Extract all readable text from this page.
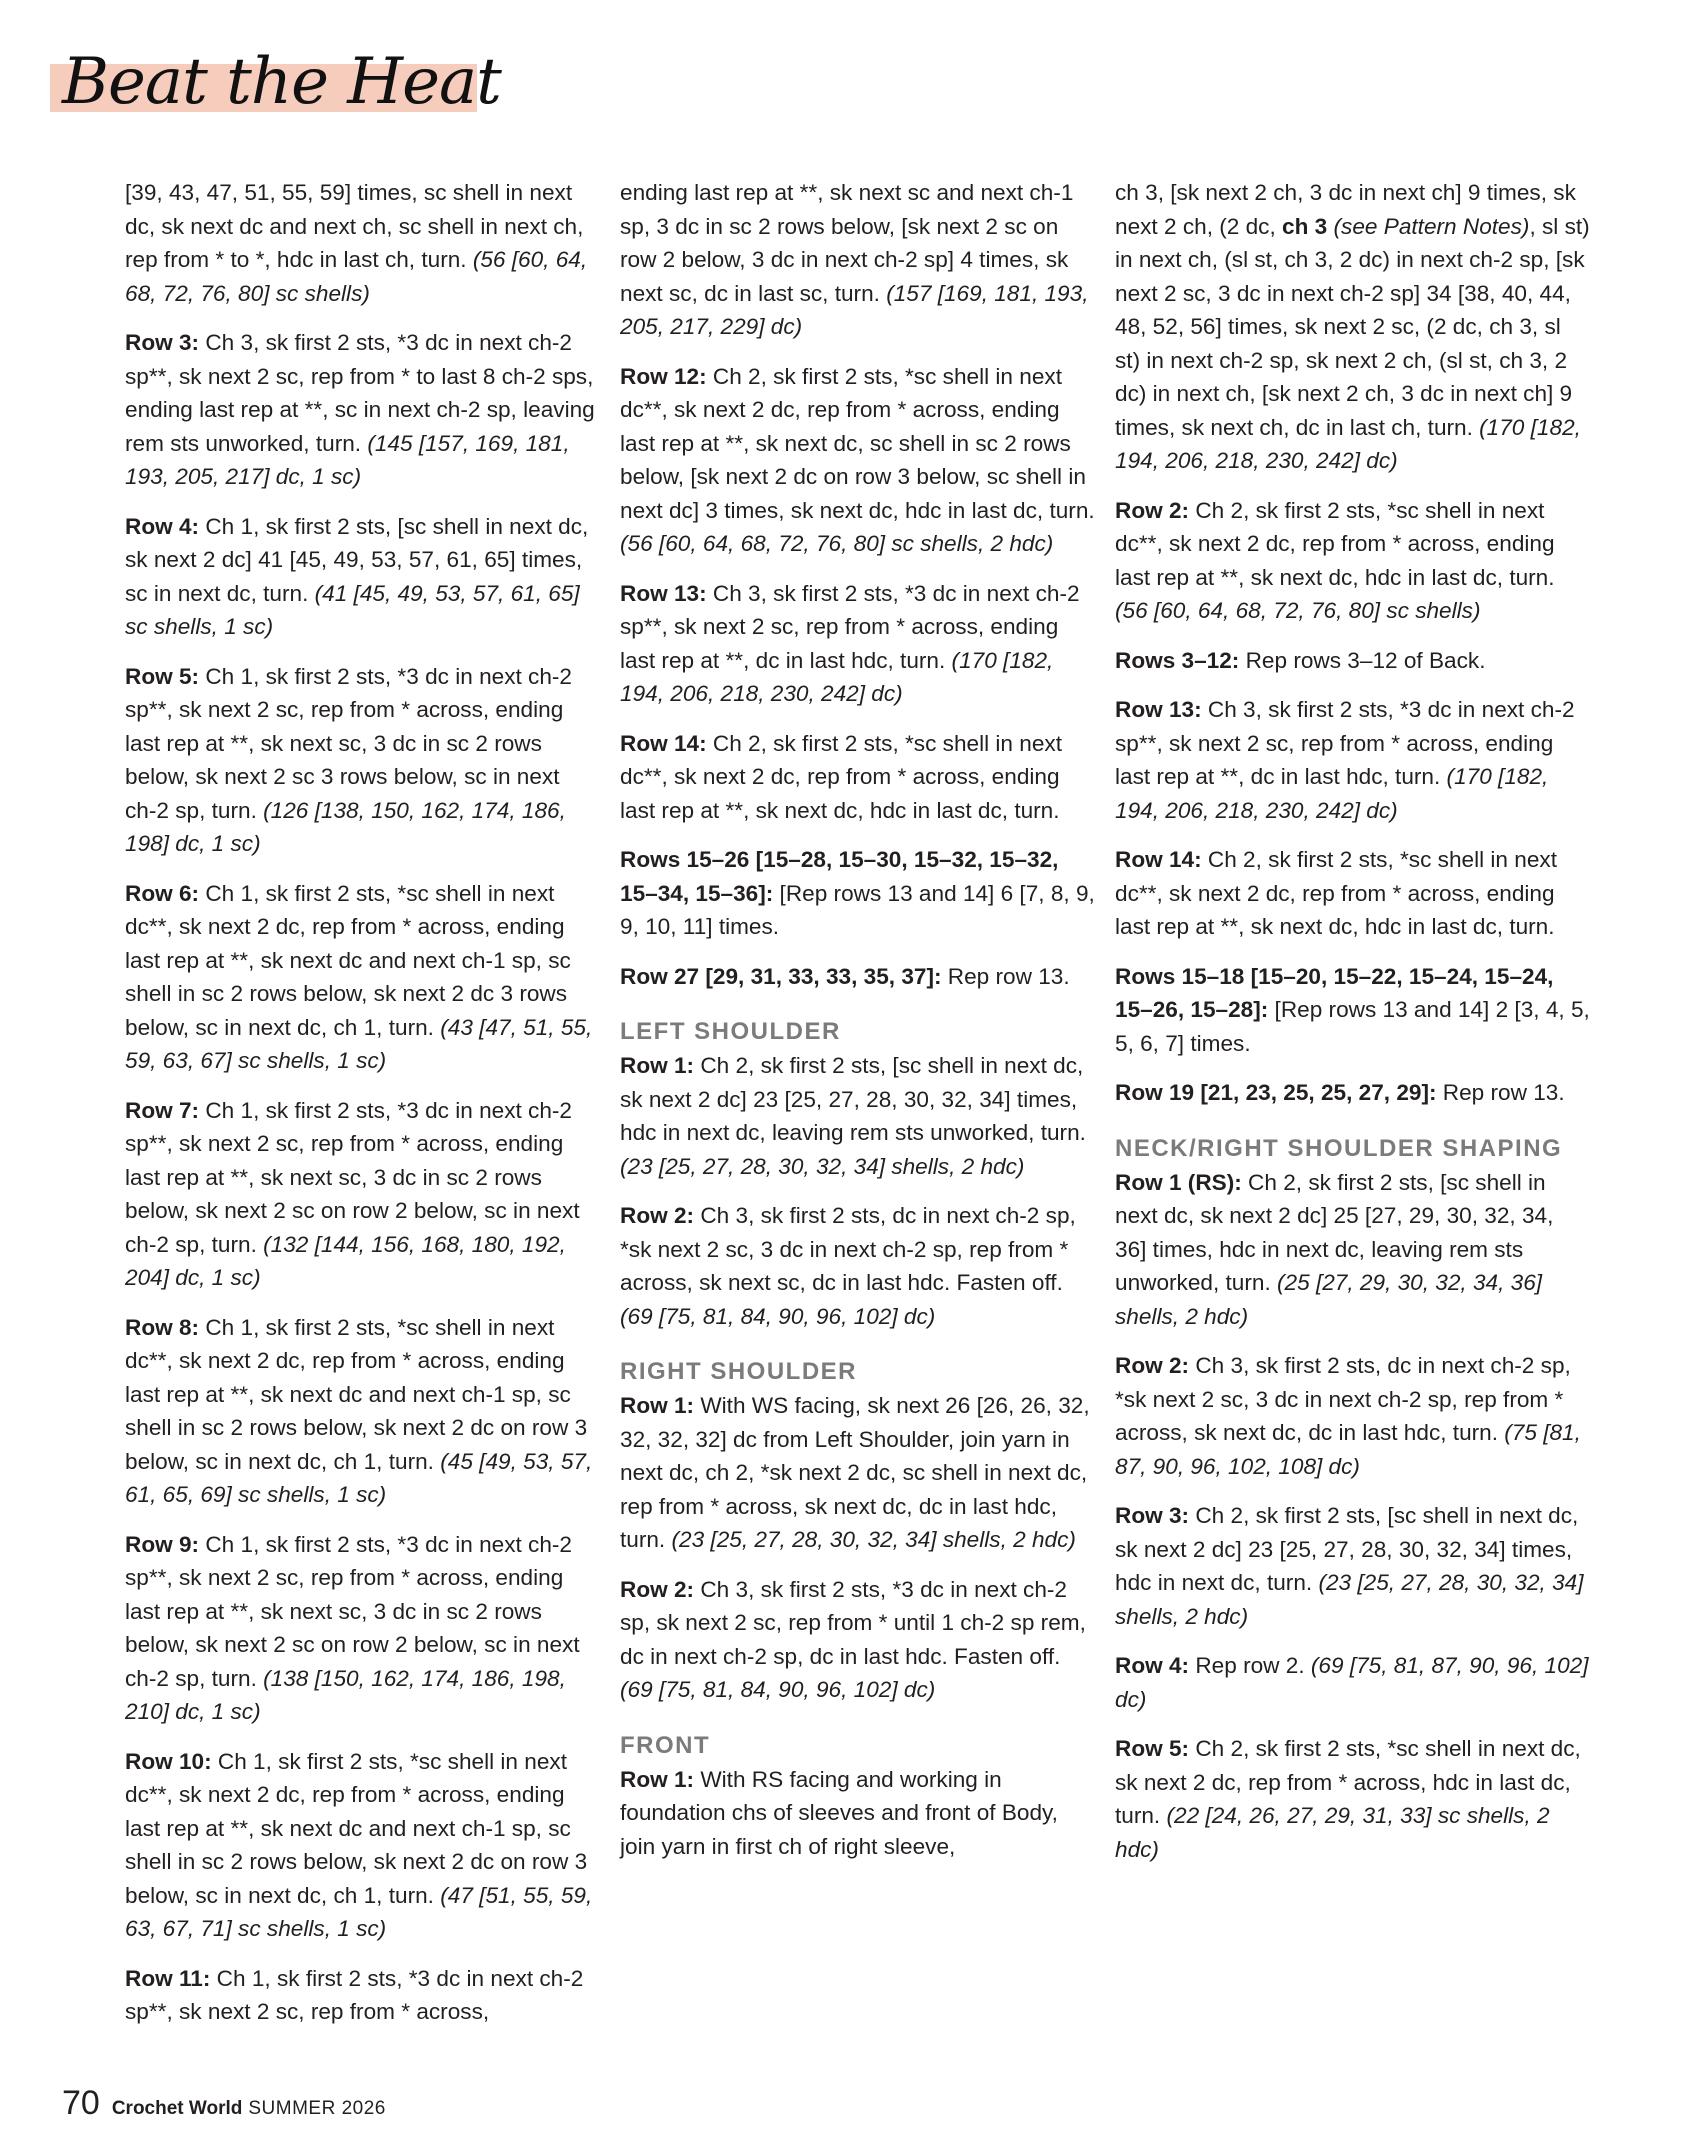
Beat the Heat

[39, 43, 47, 51, 55, 59] times, sc shell in next dc, sk next dc and next ch, sc shell in next ch, rep from * to *, hdc in last ch, turn. (56 [60, 64, 68, 72, 76, 80] sc shells)

Row 3: Ch 3, sk first 2 sts, *3 dc in next ch-2 sp**, sk next 2 sc, rep from * to last 8 ch-2 sps, ending last rep at **, sc in next ch-2 sp, leaving rem sts unworked, turn. (145 [157, 169, 181, 193, 205, 217] dc, 1 sc)

Row 4: Ch 1, sk first 2 sts, [sc shell in next dc, sk next 2 dc] 41 [45, 49, 53, 57, 61, 65] times, sc in next dc, turn. (41 [45, 49, 53, 57, 61, 65] sc shells, 1 sc)

Row 5: Ch 1, sk first 2 sts, *3 dc in next ch-2 sp**, sk next 2 sc, rep from * across, ending last rep at **, sk next sc, 3 dc in sc 2 rows below, sk next 2 sc 3 rows below, sc in next ch-2 sp, turn. (126 [138, 150, 162, 174, 186, 198] dc, 1 sc)

Row 6: Ch 1, sk first 2 sts, *sc shell in next dc**, sk next 2 dc, rep from * across, ending last rep at **, sk next dc and next ch-1 sp, sc shell in sc 2 rows below, sk next 2 dc 3 rows below, sc in next dc, ch 1, turn. (43 [47, 51, 55, 59, 63, 67] sc shells, 1 sc)

Row 7: Ch 1, sk first 2 sts, *3 dc in next ch-2 sp**, sk next 2 sc, rep from * across, ending last rep at **, sk next sc, 3 dc in sc 2 rows below, sk next 2 sc on row 2 below, sc in next ch-2 sp, turn. (132 [144, 156, 168, 180, 192, 204] dc, 1 sc)

Row 8: Ch 1, sk first 2 sts, *sc shell in next dc**, sk next 2 dc, rep from * across, ending last rep at **, sk next dc and next ch-1 sp, sc shell in sc 2 rows below, sk next 2 dc on row 3 below, sc in next dc, ch 1, turn. (45 [49, 53, 57, 61, 65, 69] sc shells, 1 sc)

Row 9: Ch 1, sk first 2 sts, *3 dc in next ch-2 sp**, sk next 2 sc, rep from * across, ending last rep at **, sk next sc, 3 dc in sc 2 rows below, sk next 2 sc on row 2 below, sc in next ch-2 sp, turn. (138 [150, 162, 174, 186, 198, 210] dc, 1 sc)

Row 10: Ch 1, sk first 2 sts, *sc shell in next dc**, sk next 2 dc, rep from * across, ending last rep at **, sk next dc and next ch-1 sp, sc shell in sc 2 rows below, sk next 2 dc on row 3 below, sc in next dc, ch 1, turn. (47 [51, 55, 59, 63, 67, 71] sc shells, 1 sc)

Row 11: Ch 1, sk first 2 sts, *3 dc in next ch-2 sp**, sk next 2 sc, rep from * across,

ending last rep at **, sk next sc and next ch-1 sp, 3 dc in sc 2 rows below, [sk next 2 sc on row 2 below, 3 dc in next ch-2 sp] 4 times, sk next sc, dc in last sc, turn. (157 [169, 181, 193, 205, 217, 229] dc)

Row 12: Ch 2, sk first 2 sts, *sc shell in next dc**, sk next 2 dc, rep from * across, ending last rep at **, sk next dc, sc shell in sc 2 rows below, [sk next 2 dc on row 3 below, sc shell in next dc] 3 times, sk next dc, hdc in last dc, turn. (56 [60, 64, 68, 72, 76, 80] sc shells, 2 hdc)

Row 13: Ch 3, sk first 2 sts, *3 dc in next ch-2 sp**, sk next 2 sc, rep from * across, ending last rep at **, dc in last hdc, turn. (170 [182, 194, 206, 218, 230, 242] dc)

Row 14: Ch 2, sk first 2 sts, *sc shell in next dc**, sk next 2 dc, rep from * across, ending last rep at **, sk next dc, hdc in last dc, turn.

Rows 15–26 [15–28, 15–30, 15–32, 15–32, 15–34, 15–36]: [Rep rows 13 and 14] 6 [7, 8, 9, 9, 10, 11] times.

Row 27 [29, 31, 33, 33, 35, 37]: Rep row 13.

LEFT SHOULDER

Row 1: Ch 2, sk first 2 sts, [sc shell in next dc, sk next 2 dc] 23 [25, 27, 28, 30, 32, 34] times, hdc in next dc, leaving rem sts unworked, turn. (23 [25, 27, 28, 30, 32, 34] shells, 2 hdc)

Row 2: Ch 3, sk first 2 sts, dc in next ch-2 sp, *sk next 2 sc, 3 dc in next ch-2 sp, rep from * across, sk next sc, dc in last hdc. Fasten off. (69 [75, 81, 84, 90, 96, 102] dc)

RIGHT SHOULDER

Row 1: With WS facing, sk next 26 [26, 26, 32, 32, 32, 32] dc from Left Shoulder, join yarn in next dc, ch 2, *sk next 2 dc, sc shell in next dc, rep from * across, sk next dc, dc in last hdc, turn. (23 [25, 27, 28, 30, 32, 34] shells, 2 hdc)

Row 2: Ch 3, sk first 2 sts, *3 dc in next ch-2 sp, sk next 2 sc, rep from * until 1 ch-2 sp rem, dc in next ch-2 sp, dc in last hdc. Fasten off. (69 [75, 81, 84, 90, 96, 102] dc)

FRONT

Row 1: With RS facing and working in foundation chs of sleeves and front of Body, join yarn in first ch of right sleeve,

ch 3, [sk next 2 ch, 3 dc in next ch] 9 times, sk next 2 ch, (2 dc, ch 3 (see Pattern Notes), sl st) in next ch, (sl st, ch 3, 2 dc) in next ch-2 sp, [sk next 2 sc, 3 dc in next ch-2 sp] 34 [38, 40, 44, 48, 52, 56] times, sk next 2 sc, (2 dc, ch 3, sl st) in next ch-2 sp, sk next 2 ch, (sl st, ch 3, 2 dc) in next ch, [sk next 2 ch, 3 dc in next ch] 9 times, sk next ch, dc in last ch, turn. (170 [182, 194, 206, 218, 230, 242] dc)

Row 2: Ch 2, sk first 2 sts, *sc shell in next dc**, sk next 2 dc, rep from * across, ending last rep at **, sk next dc, hdc in last dc, turn. (56 [60, 64, 68, 72, 76, 80] sc shells)

Rows 3–12: Rep rows 3–12 of Back.

Row 13: Ch 3, sk first 2 sts, *3 dc in next ch-2 sp**, sk next 2 sc, rep from * across, ending last rep at **, dc in last hdc, turn. (170 [182, 194, 206, 218, 230, 242] dc)

Row 14: Ch 2, sk first 2 sts, *sc shell in next dc**, sk next 2 dc, rep from * across, ending last rep at **, sk next dc, hdc in last dc, turn.

Rows 15–18 [15–20, 15–22, 15–24, 15–24, 15–26, 15–28]: [Rep rows 13 and 14] 2 [3, 4, 5, 5, 6, 7] times.

Row 19 [21, 23, 25, 25, 27, 29]: Rep row 13.

NECK/RIGHT SHOULDER SHAPING

Row 1 (RS): Ch 2, sk first 2 sts, [sc shell in next dc, sk next 2 dc] 25 [27, 29, 30, 32, 34, 36] times, hdc in next dc, leaving rem sts unworked, turn. (25 [27, 29, 30, 32, 34, 36] shells, 2 hdc)

Row 2: Ch 3, sk first 2 sts, dc in next ch-2 sp, *sk next 2 sc, 3 dc in next ch-2 sp, rep from * across, sk next dc, dc in last hdc, turn. (75 [81, 87, 90, 96, 102, 108] dc)

Row 3: Ch 2, sk first 2 sts, [sc shell in next dc, sk next 2 dc] 23 [25, 27, 28, 30, 32, 34] times, hdc in next dc, turn. (23 [25, 27, 28, 30, 32, 34] shells, 2 hdc)

Row 4: Rep row 2. (69 [75, 81, 87, 90, 96, 102] dc)

Row 5: Ch 2, sk first 2 sts, *sc shell in next dc, sk next 2 dc, rep from * across, hdc in last dc, turn. (22 [24, 26, 27, 29, 31, 33] sc shells, 2 hdc)

70 Crochet World SUMMER 2026
